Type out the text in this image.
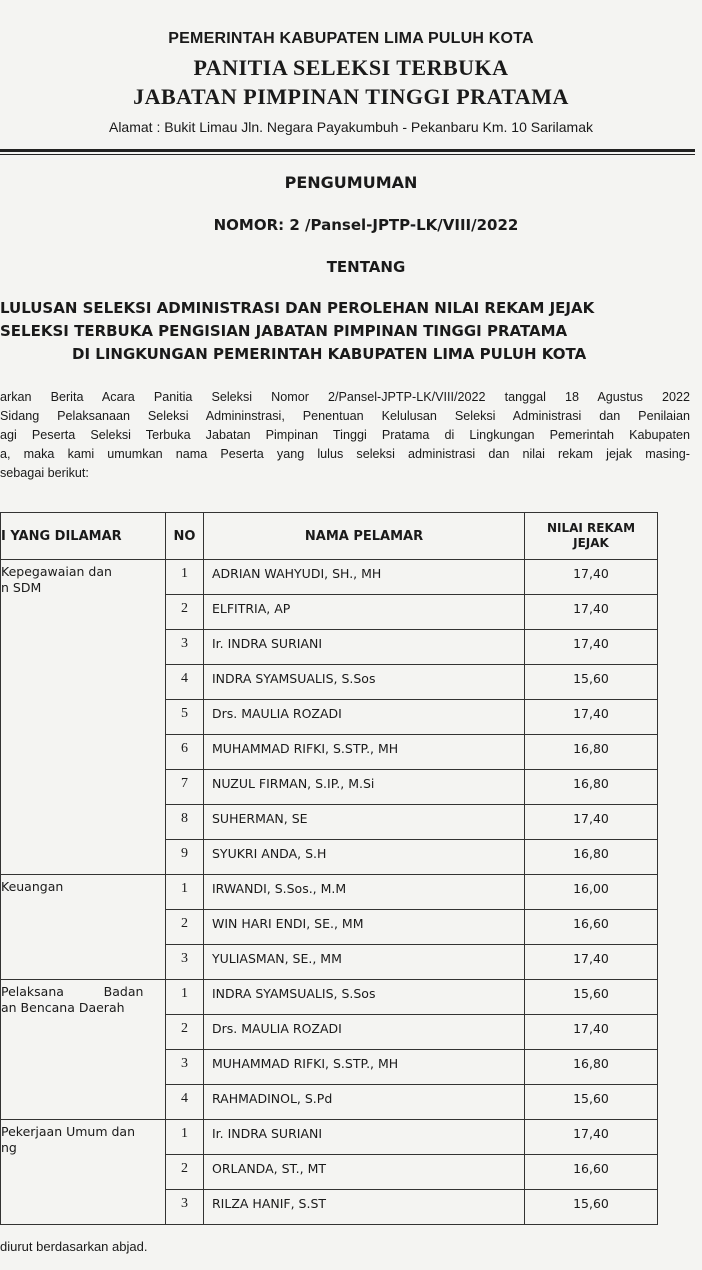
PEMERINTAH KABUPATEN LIMA PULUH KOTA
PANITIA SELEKSI TERBUKA
JABATAN PIMPINAN TINGGI PRATAMA
Alamat : Bukit Limau Jln. Negara Payakumbuh - Pekanbaru Km. 10 Sarilamak
PENGUMUMAN
NOMOR: 2 /Pansel-JPTP-LK/VIII/2022
TENTANG
LULUSAN SELEKSI ADMINISTRASI DAN PEROLEHAN NILAI REKAM JEJAK
SELEKSI TERBUKA PENGISIAN JABATAN PIMPINAN TINGGI PRATAMA
DI LINGKUNGAN PEMERINTAH KABUPATEN LIMA PULUH KOTA
arkan Berita Acara Panitia Seleksi Nomor 2/Pansel-JPTP-LK/VIII/2022 tanggal 18 Agustus 2022
Sidang Pelaksanaan Seleksi Admininstrasi, Penentuan Kelulusan Seleksi Administrasi dan Penilaian
agi Peserta Seleksi Terbuka Jabatan Pimpinan Tinggi Pratama di Lingkungan Pemerintah Kabupaten
a, maka kami umumkan nama Peserta yang lulus seleksi administrasi dan nilai rekam jejak masing-
sebagai berikut:
I YANG DILAMAR	NO	NAMA PELAMAR	NILAI REKAM
JEJAK

Kepegawaian dan
n SDM	1	ADRIAN WAHYUDI, SH., MH	17,40

	2	ELFITRIA, AP	17,40

	3	Ir. INDRA SURIANI	17,40

	4	INDRA SYAMSUALIS, S.Sos	15,60

	5	Drs. MAULIA ROZADI	17,40

	6	MUHAMMAD RIFKI, S.STP., MH	16,80

	7	NUZUL FIRMAN, S.IP., M.Si	16,80

	8	SUHERMAN, SE	17,40

	9	SYUKRI ANDA, S.H	16,80

Keuangan	1	IRWANDI, S.Sos., M.M	16,00

	2	WIN HARI ENDI, SE., MM	16,60

	3	YULIASMAN, SE., MM	17,40

Pelaksana          Badan
an Bencana Daerah	1	INDRA SYAMSUALIS, S.Sos	15,60

	2	Drs. MAULIA ROZADI	17,40

	3	MUHAMMAD RIFKI, S.STP., MH	16,80

	4	RAHMADINOL, S.Pd	15,60

Pekerjaan Umum dan
ng	1	Ir. INDRA SURIANI	17,40

	2	ORLANDA, ST., MT	16,60

	3	RILZA HANIF, S.ST	15,60
diurut berdasarkan abjad.
